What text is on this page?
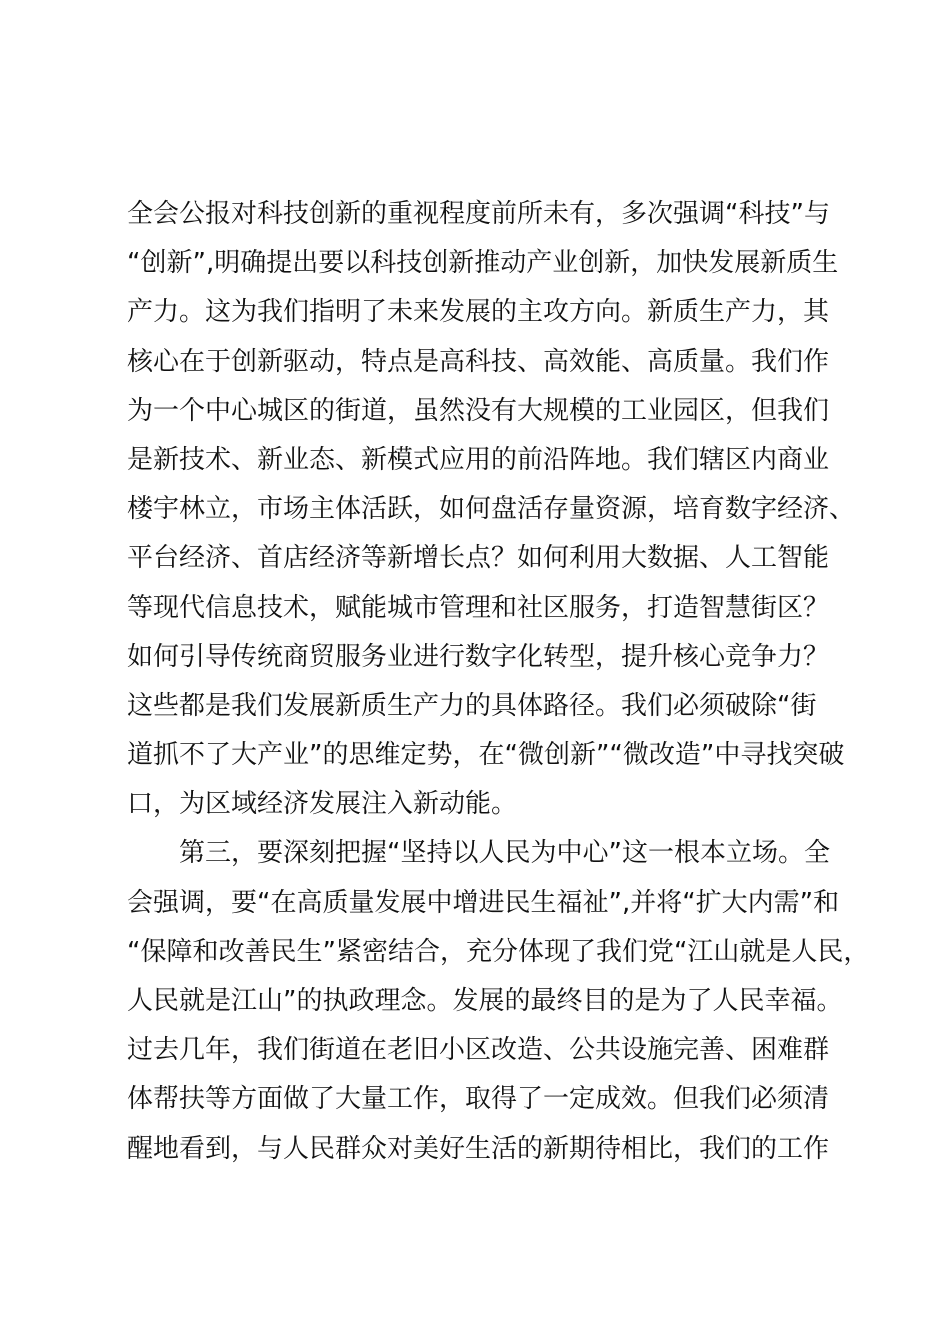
全会公报对科技创新的重视程度前所未有，多次强调“科技”与
“创新”,明确提出要以科技创新推动产业创新，加快发展新质生
产力。这为我们指明了未来发展的主攻方向。新质生产力，其
核心在于创新驱动，特点是高科技、高效能、高质量。我们作
为一个中心城区的街道，虽然没有大规模的工业园区，但我们
是新技术、新业态、新模式应用的前沿阵地。我们辖区内商业
楼宇林立，市场主体活跃，如何盘活存量资源，培育数字经济、
平台经济、首店经济等新增长点？如何利用大数据、人工智能
等现代信息技术，赋能城市管理和社区服务，打造智慧街区？
如何引导传统商贸服务业进行数字化转型，提升核心竞争力？
这些都是我们发展新质生产力的具体路径。我们必须破除“街
道抓不了大产业”的思维定势，在“微创新”“微改造”中寻找突破
口，为区域经济发展注入新动能。
第三，要深刻把握“坚持以人民为中心”这一根本立场。全
会强调，要“在高质量发展中增进民生福祉”,并将“扩大内需”和
“保障和改善民生”紧密结合，充分体现了我们党“江山就是人民，
人民就是江山”的执政理念。发展的最终目的是为了人民幸福。
过去几年，我们街道在老旧小区改造、公共设施完善、困难群
体帮扶等方面做了大量工作，取得了一定成效。但我们必须清
醒地看到，与人民群众对美好生活的新期待相比，我们的工作
